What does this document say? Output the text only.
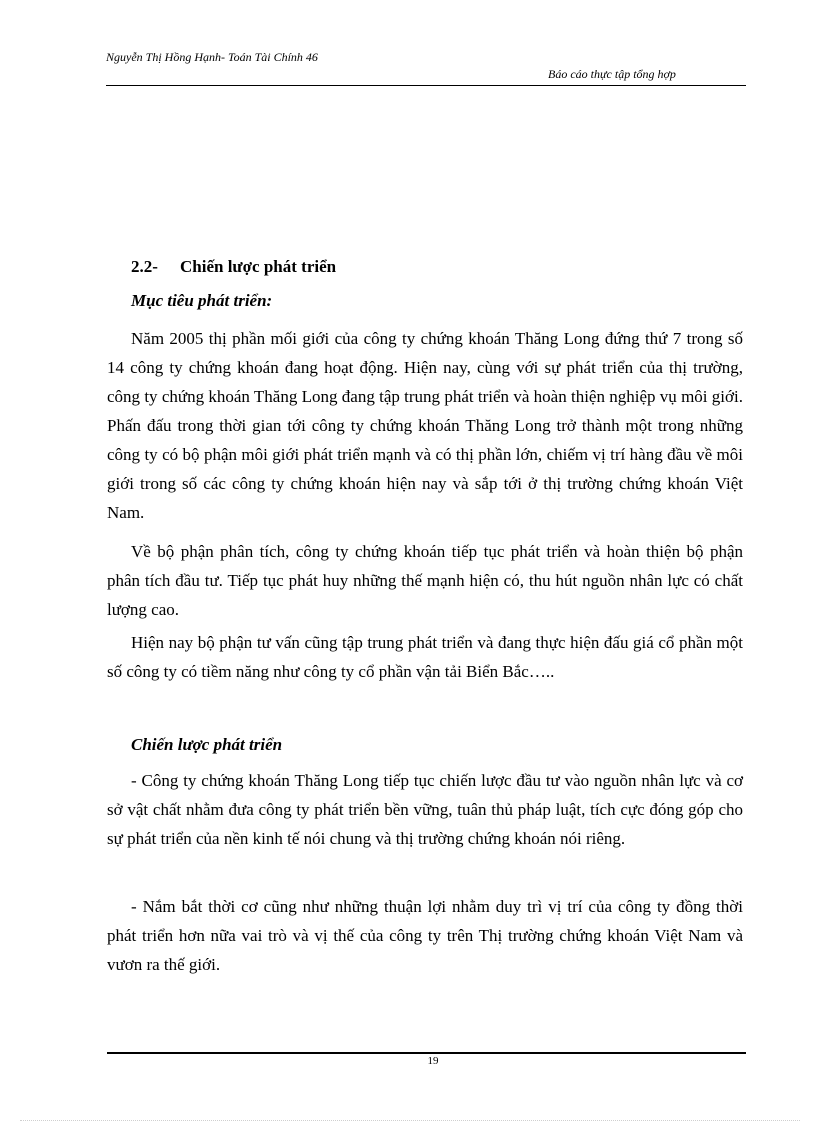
Nguyễn Thị Hồng Hạnh- Toán Tài Chính 46
Báo cáo thực tập tổng hợp
2.2- Chiến lược phát triển
Mục tiêu phát triển:

Năm 2005 thị phần mối giới của công ty chứng khoán Thăng Long đứng thứ 7 trong số 14 công ty chứng khoán đang hoạt động. Hiện nay, cùng với sự phát triển của thị trường, công ty chứng khoán Thăng Long đang tập trung phát triển và hoàn thiện nghiệp vụ môi giới. Phấn đấu trong thời gian tới công ty chứng khoán Thăng Long trở thành một trong những công ty có bộ phận môi giới phát triển mạnh và có thị phần lớn, chiếm vị trí hàng đầu về môi giới trong số các công ty chứng khoán hiện nay và sắp tới ở thị trường chứng khoán Việt Nam.

Về bộ phận phân tích, công ty chứng khoán tiếp tục phát triển và hoàn thiện bộ phận phân tích đầu tư. Tiếp tục phát huy những thế mạnh hiện có, thu hút nguồn nhân lực có chất lượng cao.

Hiện nay bộ phận tư vấn cũng tập trung phát triển và đang thực hiện đấu giá cổ phần một số công ty có tiềm năng như công ty cổ phần vận tải Biển Bắc…..

Chiến lược phát triển

- Công ty chứng khoán Thăng Long tiếp tục chiến lược đầu tư vào nguồn nhân lực và cơ sở vật chất nhằm đưa công ty phát triển bền vững, tuân thủ pháp luật, tích cực đóng góp cho sự phát triển của nền kinh tế nói chung và thị trường chứng khoán nói riêng.

- Nắm bắt thời cơ cũng như những thuận lợi nhằm duy trì vị trí của công ty đồng thời phát triển hơn nữa vai trò và vị thế của công ty trên Thị trường chứng khoán Việt Nam và vươn ra thế giới.

19
